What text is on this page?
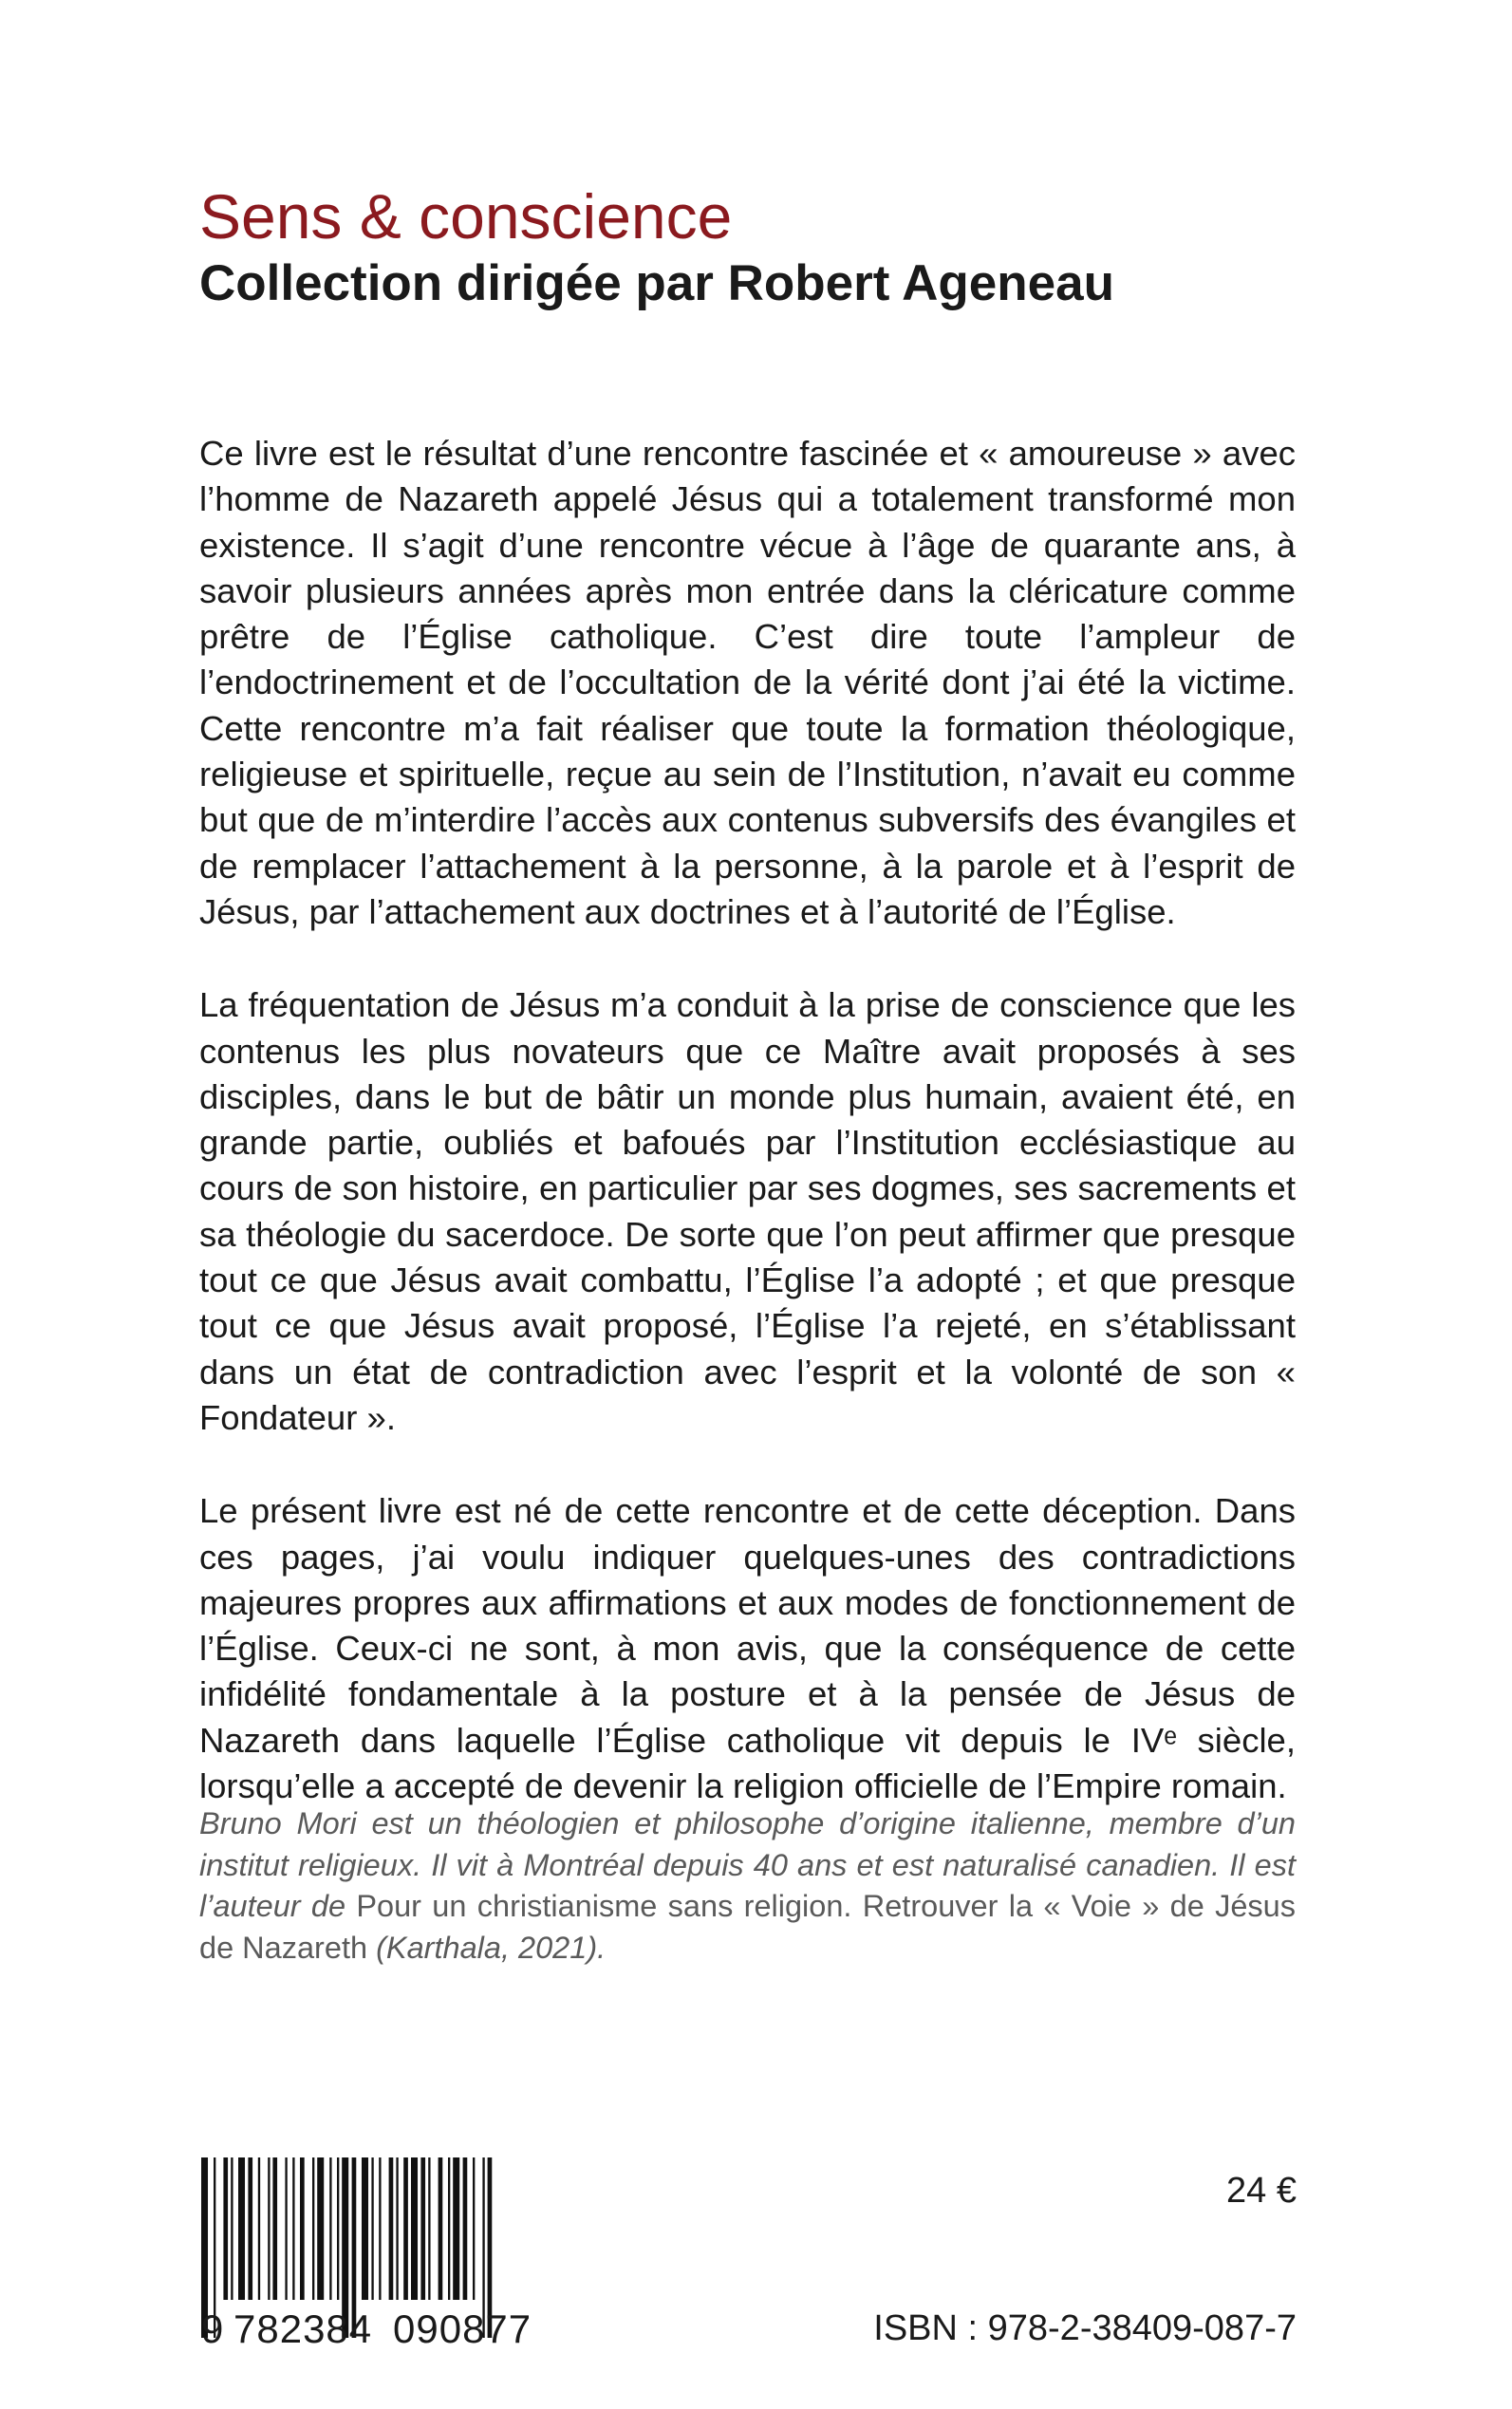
Sens & conscience
Collection dirigée par Robert Ageneau

Ce livre est le résultat d’une rencontre fascinée et « amoureuse » avec l’homme de Nazareth appelé Jésus qui a totalement transformé mon existence. Il s’agit d’une rencontre vécue à l’âge de quarante ans, à savoir plusieurs années après mon entrée dans la cléricature comme prêtre de l’Église catholique. C’est dire toute l’ampleur de l’endoctrinement et de l’occultation de la vérité dont j’ai été la victime. Cette rencontre m’a fait réaliser que toute la formation théologique, religieuse et spirituelle, reçue au sein de l’Institution, n’avait eu comme but que de m’interdire l’accès aux contenus subversifs des évangiles et de remplacer l’attachement à la personne, à la parole et à l’esprit de Jésus, par l’attachement aux doctrines et à l’autorité de l’Église.

La fréquentation de Jésus m’a conduit à la prise de conscience que les contenus les plus novateurs que ce Maître avait proposés à ses disciples, dans le but de bâtir un monde plus humain, avaient été, en grande partie, oubliés et bafoués par l’Institution ecclésiastique au cours de son histoire, en particulier par ses dogmes, ses sacrements et sa théologie du sacerdoce. De sorte que l’on peut affirmer que presque tout ce que Jésus avait combattu, l’Église l’a adopté ; et que presque tout ce que Jésus avait proposé, l’Église l’a rejeté, en s’établissant dans un état de contradiction avec l’esprit et la volonté de son « Fondateur ».

Le présent livre est né de cette rencontre et de cette déception. Dans ces pages, j’ai voulu indiquer quelques-unes des contradictions majeures propres aux affirmations et aux modes de fonctionnement de l’Église. Ceux-ci ne sont, à mon avis, que la conséquence de cette infidélité fondamentale à la posture et à la pensée de Jésus de Nazareth dans laquelle l’Église catholique vit depuis le IVᵉ siècle, lorsqu’elle a accepté de devenir la religion officielle de l’Empire romain.

Bruno Mori est un théologien et philosophe d’origine italienne, membre d’un institut religieux. Il vit à Montréal depuis 40 ans et est naturalisé canadien. Il est l’auteur de Pour un christianisme sans religion. Retrouver la « Voie » de Jésus de Nazareth (Karthala, 2021).
9 782384 090877
24 €
ISBN : 978-2-38409-087-7
